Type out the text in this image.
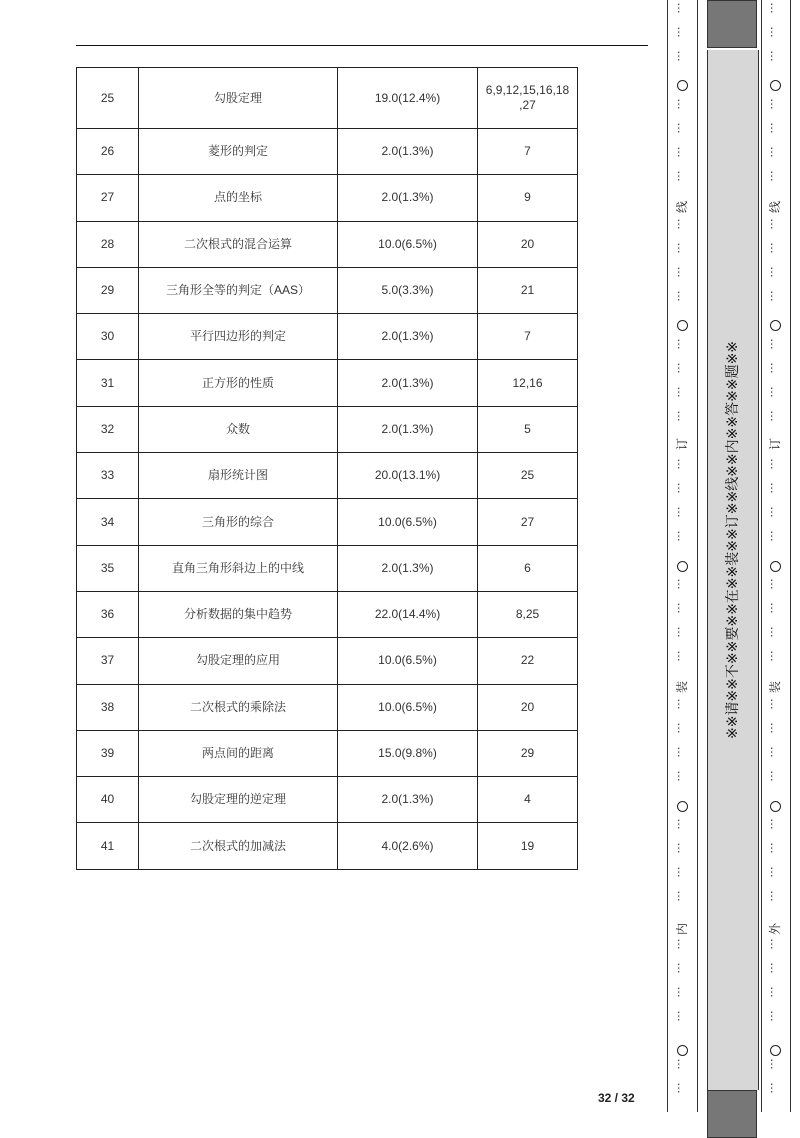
25	勾股定理	19.0(12.4%)	6,9,12,15,16,18
,27
26	菱形的判定	2.0(1.3%)	7
27	点的坐标	2.0(1.3%)	9
28	二次根式的混合运算	10.0(6.5%)	20
29	三角形全等的判定（AAS）	5.0(3.3%)	21
30	平行四边形的判定	2.0(1.3%)	7
31	正方形的性质	2.0(1.3%)	12,16
32	众数	2.0(1.3%)	5
33	扇形统计图	20.0(13.1%)	25
34	三角形的综合	10.0(6.5%)	27
35	直角三角形斜边上的中线	2.0(1.3%)	6
36	分析数据的集中趋势	22.0(14.4%)	8,25
37	勾股定理的应用	10.0(6.5%)	22
38	二次根式的乘除法	10.0(6.5%)	20
39	两点间的距离	15.0(9.8%)	29
40	勾股定理的逆定理	2.0(1.3%)	4
41	二次根式的加减法	4.0(2.6%)	19
线
订
装
内
…
…
…
…
…
…
…
…
…
…
…
…
…
…
…
…
…
…
…
…
…
…
…
…
…
…
…
…
…
…
…
…
…
…
…
…
…
※※请※※不※※要※※在※※装※※订※※线※※内※※答※※题※※
线
订
装
外
…
…
…
…
…
…
…
…
…
…
…
…
…
…
…
…
…
…
…
…
…
…
…
…
…
…
…
…
…
…
…
…
…
…
…
…
…
32 / 32
